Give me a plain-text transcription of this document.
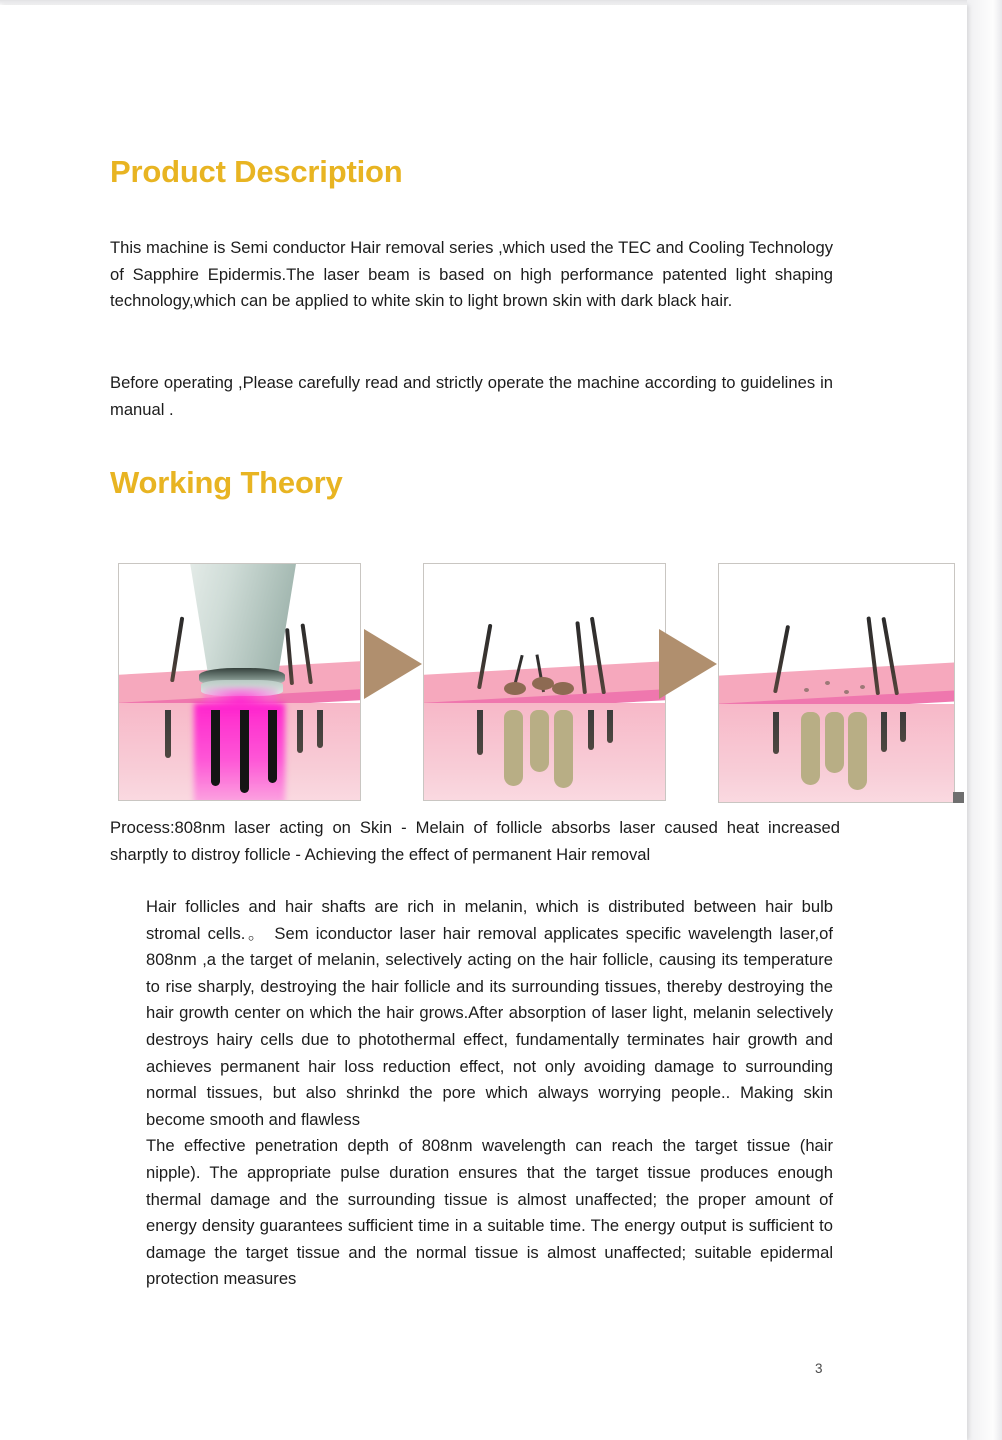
Product Description

This machine is Semi conductor Hair removal series ,which used the TEC and Cooling Technology of Sapphire Epidermis.The laser beam is based on high performance patented light shaping technology,which can be applied to white skin to light brown skin with dark black hair.

Before operating ,Please carefully read and strictly operate the machine according to guidelines in manual .

Working Theory

Process:808nm laser acting on Skin - Melain of follicle absorbs laser caused heat increased sharptly to distroy follicle - Achieving the effect of permanent Hair removal

Hair follicles and hair shafts are rich in melanin, which is distributed between hair bulb stromal cells.。 Sem iconductor laser hair removal applicates specific wavelength laser,of 808nm ,a the target of melanin, selectively acting on the hair follicle, causing its temperature to rise sharply, destroying the hair follicle and its surrounding tissues, thereby destroying the hair growth center on which the hair grows.After absorption of laser light, melanin selectively destroys hairy cells due to photothermal effect, fundamentally terminates hair growth and achieves permanent hair loss reduction effect, not only avoiding damage to surrounding normal tissues, but also shrinkd the pore which always worrying people.. Making skin become smooth and flawless

The effective penetration depth of 808nm wavelength can reach the target tissue (hair nipple). The appropriate pulse duration ensures that the target tissue produces enough thermal damage and the surrounding tissue is almost unaffected; the proper amount of energy density guarantees sufficient time in a suitable time. The energy output is sufficient to damage the target tissue and the normal tissue is almost unaffected; suitable epidermal protection measures

3
